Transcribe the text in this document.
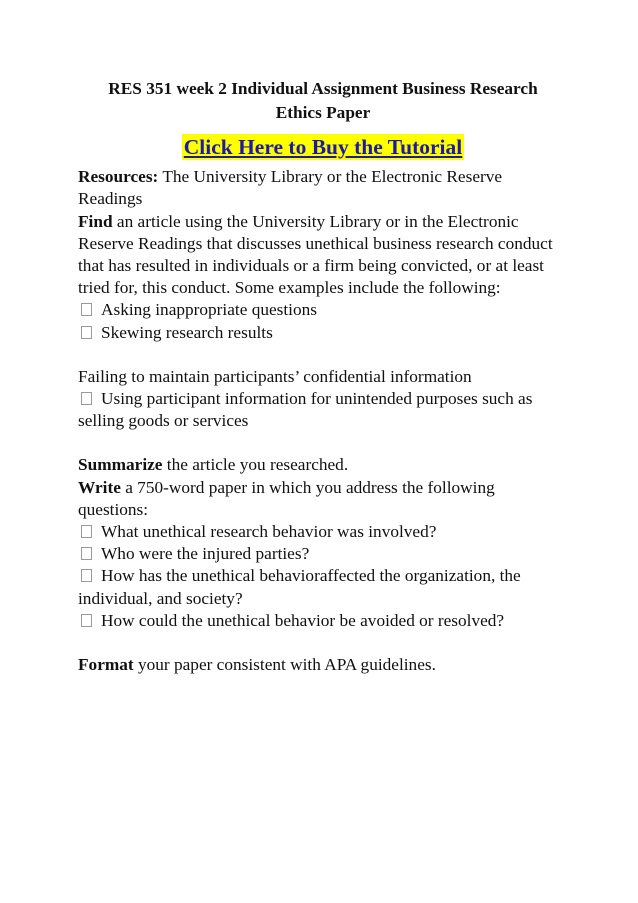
RES 351 week 2 Individual Assignment Business Research Ethics Paper
Click Here to Buy the Tutorial

Resources: The University Library or the Electronic Reserve Readings

Find an article using the University Library or in the Electronic Reserve Readings that discusses unethical business research conduct that has resulted in individuals or a firm being convicted, or at least tried for, this conduct. Some examples include the following:

Asking inappropriate questions

Skewing research results

Failing to maintain participants’ confidential information

Using participant information for unintended purposes such as selling goods or services

Summarize the article you researched.

Write a 750-word paper in which you address the following questions:

What unethical research behavior was involved?

Who were the injured parties?

How has the unethical behavioraffected the organization, the individual, and society?

How could the unethical behavior be avoided or resolved?

Format your paper consistent with APA guidelines.
